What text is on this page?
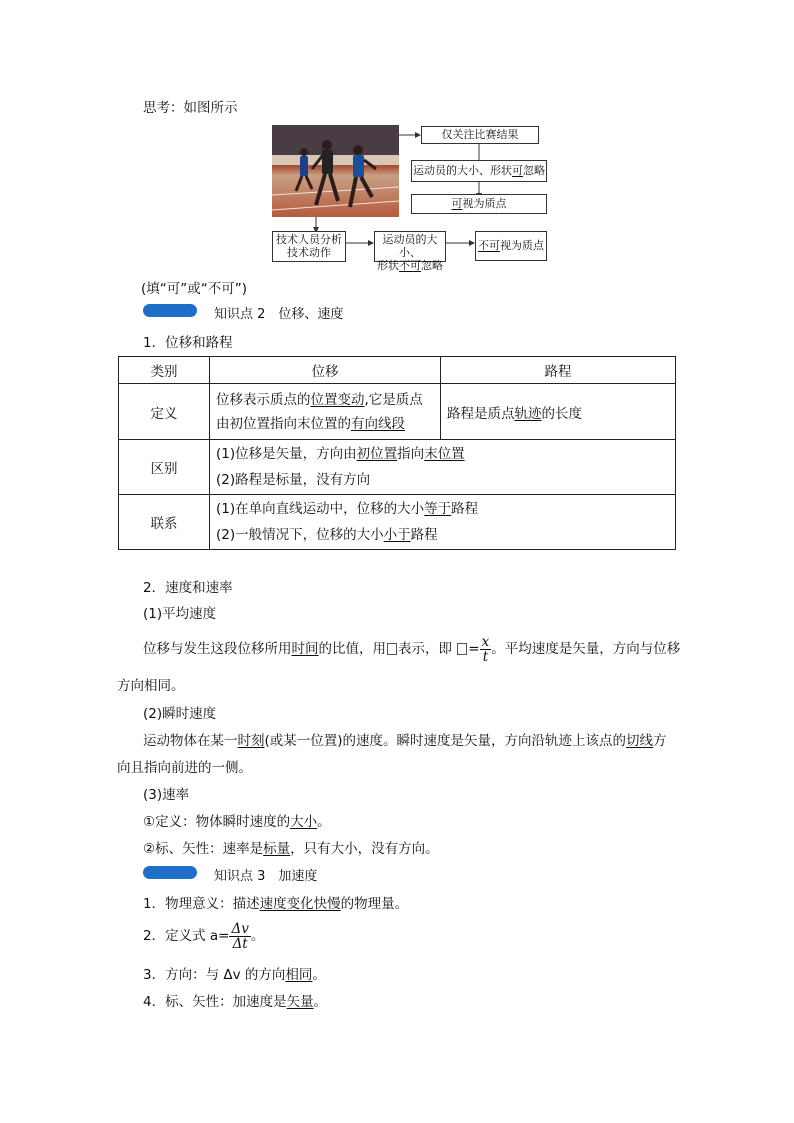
思考：如图所示
仅关注比赛结果
运动员的大小、形状可忽略
可视为质点
技术人员分析
技术动作
运动员的大小、
形状不可忽略
不可视为质点
(填“可”或“不可”)
知识点 2　位移、速度
1．位移和路程
类别	位移	路程
定义	位移表示质点的位置变动,它是质点
由初位置指向末位置的有向线段	路程是质点轨迹的长度
区别	(1)位移是矢量，方向由初位置指向末位置
(2)路程是标量，没有方向	
联系	(1)在单向直线运动中，位移的大小等于路程
(2)一般情况下，位移的大小小于路程	
2．速度和速率
(1)平均速度
位移与发生这段位移所用时间的比值，用 表示，即 = $\frac{x}{t}$ 。平均速度是矢量，方向与位移
方向相同。
(2)瞬时速度
运动物体在某一时刻(或某一位置)的速度。瞬时速度是矢量，方向沿轨迹上该点的切线方
向且指向前进的一侧。
(3)速率
①定义：物体瞬时速度的大小。
②标、矢性：速率是标量，只有大小，没有方向。
知识点 3　加速度
1．物理意义：描述速度变化快慢的物理量。
2．定义式 $a= \frac{\Delta v}{\Delta t}$ 。
3．方向：与 Δv 的方向相同。
4．标、矢性：加速度是矢量。
